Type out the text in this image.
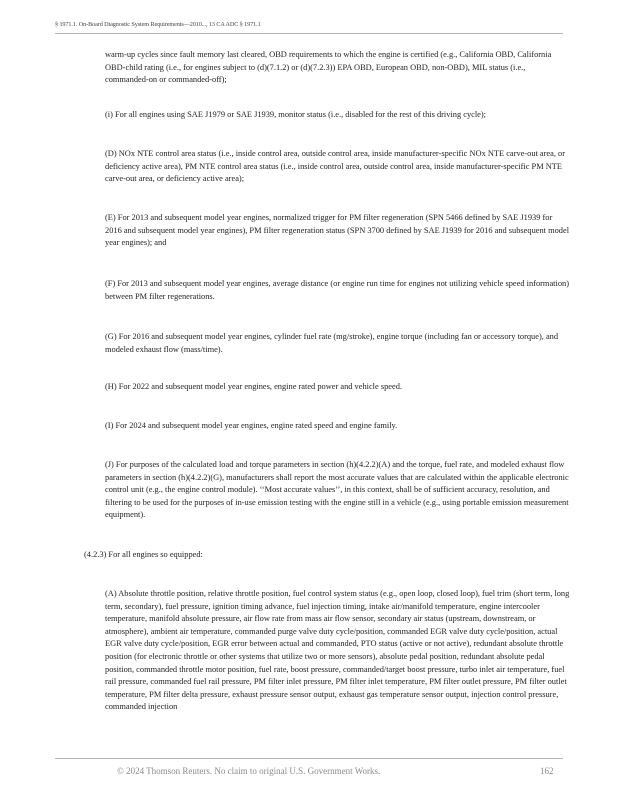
§ 1971.1. On-Board Diagnostic System Requirements—2010..., 13 CA ADC § 1971.1

warm-up cycles since fault memory last cleared, OBD requirements to which the engine is certified (e.g., California OBD, California OBD-child rating (i.e., for engines subject to (d)(7.1.2) or (d)(7.2.3)) EPA OBD, European OBD, non-OBD), MIL status (i.e., commanded-on or commanded-off);

(i) For all engines using SAE J1979 or SAE J1939, monitor status (i.e., disabled for the rest of this driving cycle);

(D) NOx NTE control area status (i.e., inside control area, outside control area, inside manufacturer-specific NOx NTE carve-out area, or deficiency active area), PM NTE control area status (i.e., inside control area, outside control area, inside manufacturer-specific PM NTE carve-out area, or deficiency active area);

(E) For 2013 and subsequent model year engines, normalized trigger for PM filter regeneration (SPN 5466 defined by SAE J1939 for 2016 and subsequent model year engines), PM filter regeneration status (SPN 3700 defined by SAE J1939 for 2016 and subsequent model year engines); and

(F) For 2013 and subsequent model year engines, average distance (or engine run time for engines not utilizing vehicle speed information) between PM filter regenerations.

(G) For 2016 and subsequent model year engines, cylinder fuel rate (mg/stroke), engine torque (including fan or accessory torque), and modeled exhaust flow (mass/time).

(H) For 2022 and subsequent model year engines, engine rated power and vehicle speed.

(I) For 2024 and subsequent model year engines, engine rated speed and engine family.

(J) For purposes of the calculated load and torque parameters in section (h)(4.2.2)(A) and the torque, fuel rate, and modeled exhaust flow parameters in section (h)(4.2.2)(G), manufacturers shall report the most accurate values that are calculated within the applicable electronic control unit (e.g., the engine control module). ‘‘Most accurate values’’, in this context, shall be of sufficient accuracy, resolution, and filtering to be used for the purposes of in-use emission testing with the engine still in a vehicle (e.g., using portable emission measurement equipment).

(4.2.3) For all engines so equipped:

(A) Absolute throttle position, relative throttle position, fuel control system status (e.g., open loop, closed loop), fuel trim (short term, long term, secondary), fuel pressure, ignition timing advance, fuel injection timing, intake air/manifold temperature, engine intercooler temperature, manifold absolute pressure, air flow rate from mass air flow sensor, secondary air status (upstream, downstream, or atmosphere), ambient air temperature, commanded purge valve duty cycle/position, commanded EGR valve duty cycle/position, actual EGR valve duty cycle/position, EGR error between actual and commanded, PTO status (active or not active), redundant absolute throttle position (for electronic throttle or other systems that utilize two or more sensors), absolute pedal position, redundant absolute pedal position, commanded throttle motor position, fuel rate, boost pressure, commanded/target boost pressure, turbo inlet air temperature, fuel rail pressure, commanded fuel rail pressure, PM filter inlet pressure, PM filter inlet temperature, PM filter outlet pressure, PM filter outlet temperature, PM filter delta pressure, exhaust pressure sensor output, exhaust gas temperature sensor output, injection control pressure, commanded injection

© 2024 Thomson Reuters. No claim to original U.S. Government Works.	162
